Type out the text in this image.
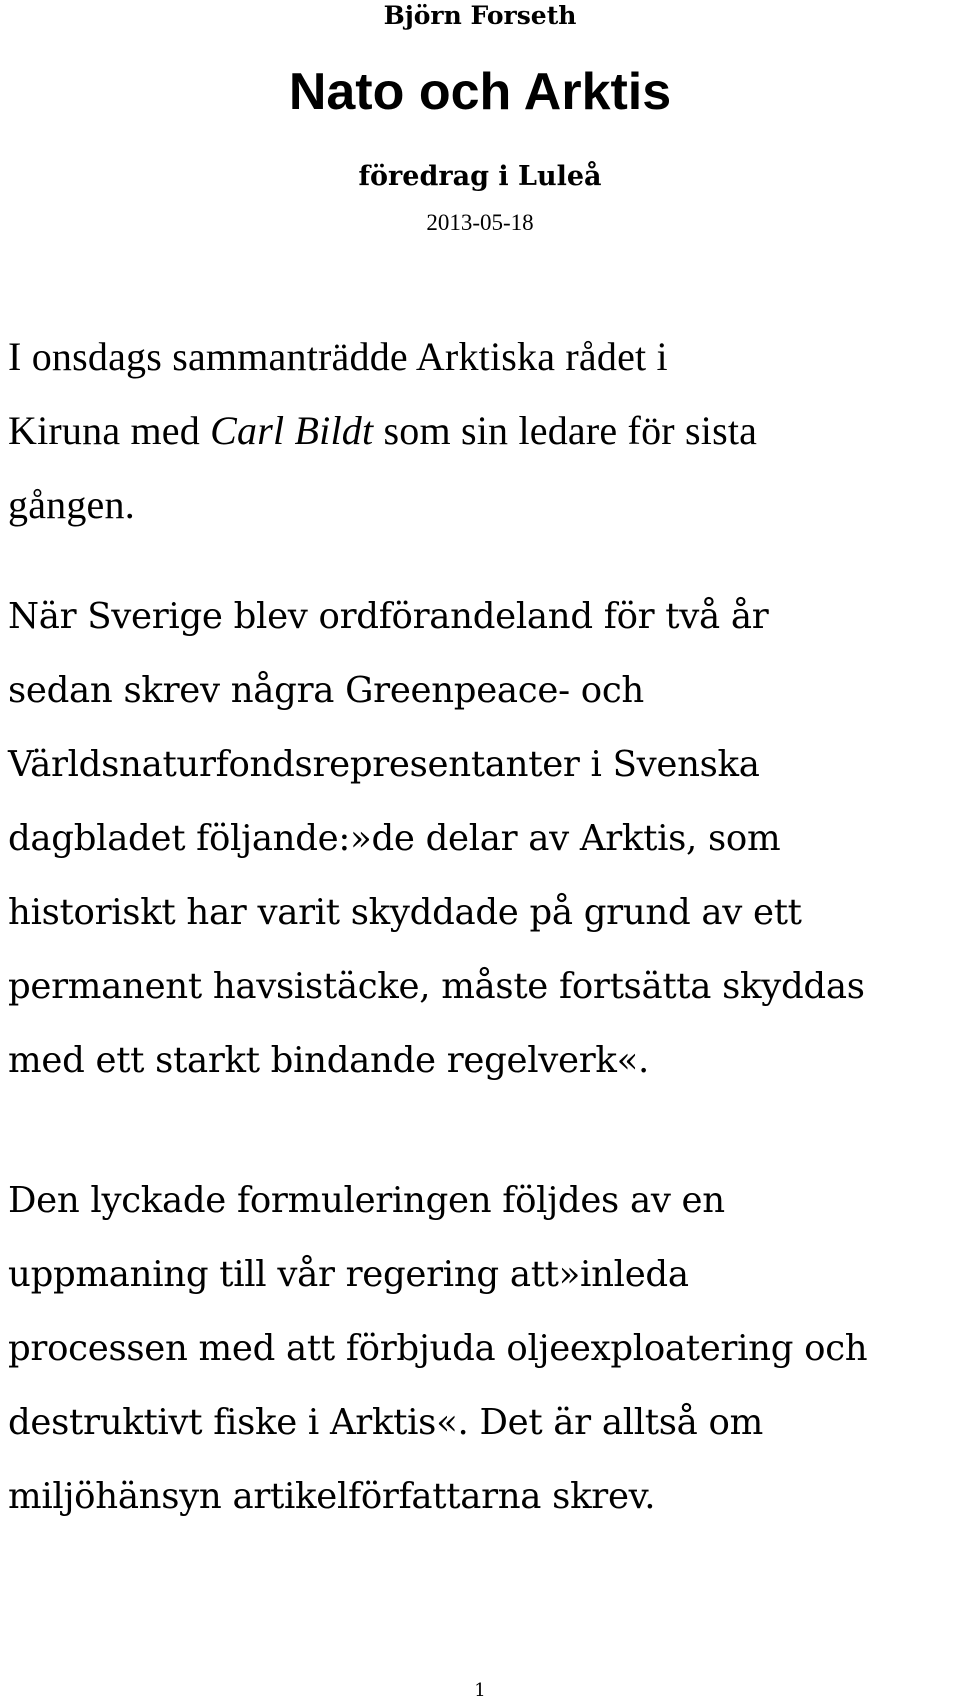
Björn Forseth
Nato och Arktis
föredrag i Luleå
2013-05-18

I onsdags sammanträdde Arktiska rådet i
Kiruna med Carl Bildt som sin ledare för sista
gången.

När Sverige blev ordförandeland för två år
sedan skrev några Greenpeace- och
Världsnaturfondsrepresentanter i Svenska
dagbladet följande:»de delar av Arktis, som
historiskt har varit skyddade på grund av ett
permanent havsistäcke, måste fortsätta skyddas
med ett starkt bindande regelverk«.

Den lyckade formuleringen följdes av en
uppmaning till vår regering att»inleda
processen med att förbjuda oljeexploatering och
destruktivt fiske i Arktis«. Det är alltså om
miljöhänsyn artikelförfattarna skrev.

1
